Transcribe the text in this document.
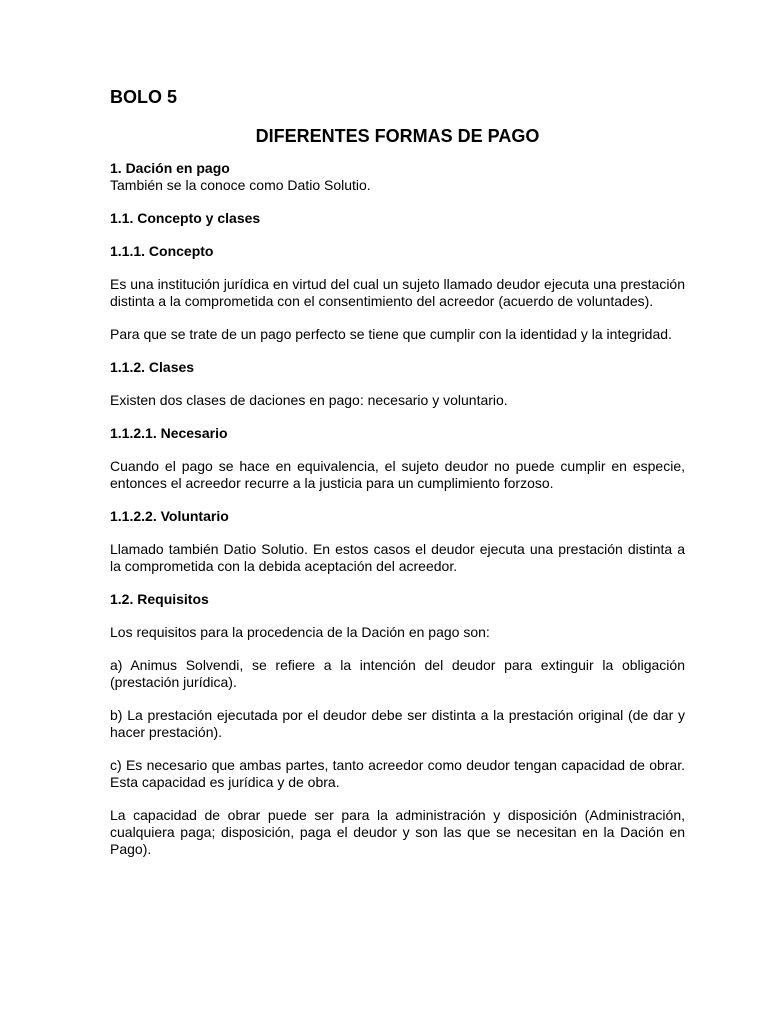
BOLO 5
DIFERENTES FORMAS DE PAGO
1. Dación en pago

También se la conoce como Datio Solutio.

1.1. Concepto y clases
1.1.1. Concepto

Es una institución jurídica en virtud del cual un sujeto llamado deudor ejecuta una prestación distinta a la comprometida con el consentimiento del acreedor (acuerdo de voluntades).

Para que se trate de un pago perfecto se tiene que cumplir con la identidad y la integridad.

1.1.2. Clases

Existen dos clases de daciones en pago: necesario y voluntario.

1.1.2.1. Necesario

Cuando el pago se hace en equivalencia, el sujeto deudor no puede cumplir en especie, entonces el acreedor recurre a la justicia para un cumplimiento forzoso.

1.1.2.2. Voluntario

Llamado también Datio Solutio. En estos casos el deudor ejecuta una prestación distinta a la comprometida con la debida aceptación del acreedor.

1.2. Requisitos

Los requisitos para la procedencia de la Dación en pago son:

a) Animus Solvendi, se refiere a la intención del deudor para extinguir la obligación (prestación jurídica).

b) La prestación ejecutada por el deudor debe ser distinta a la prestación original (de dar y hacer prestación).

c) Es necesario que ambas partes, tanto acreedor como deudor tengan capacidad de obrar. Esta capacidad es jurídica y de obra.

La capacidad de obrar puede ser para la administración y disposición (Administración, cualquiera paga; disposición, paga el deudor y son las que se necesitan en la Dación en Pago).
